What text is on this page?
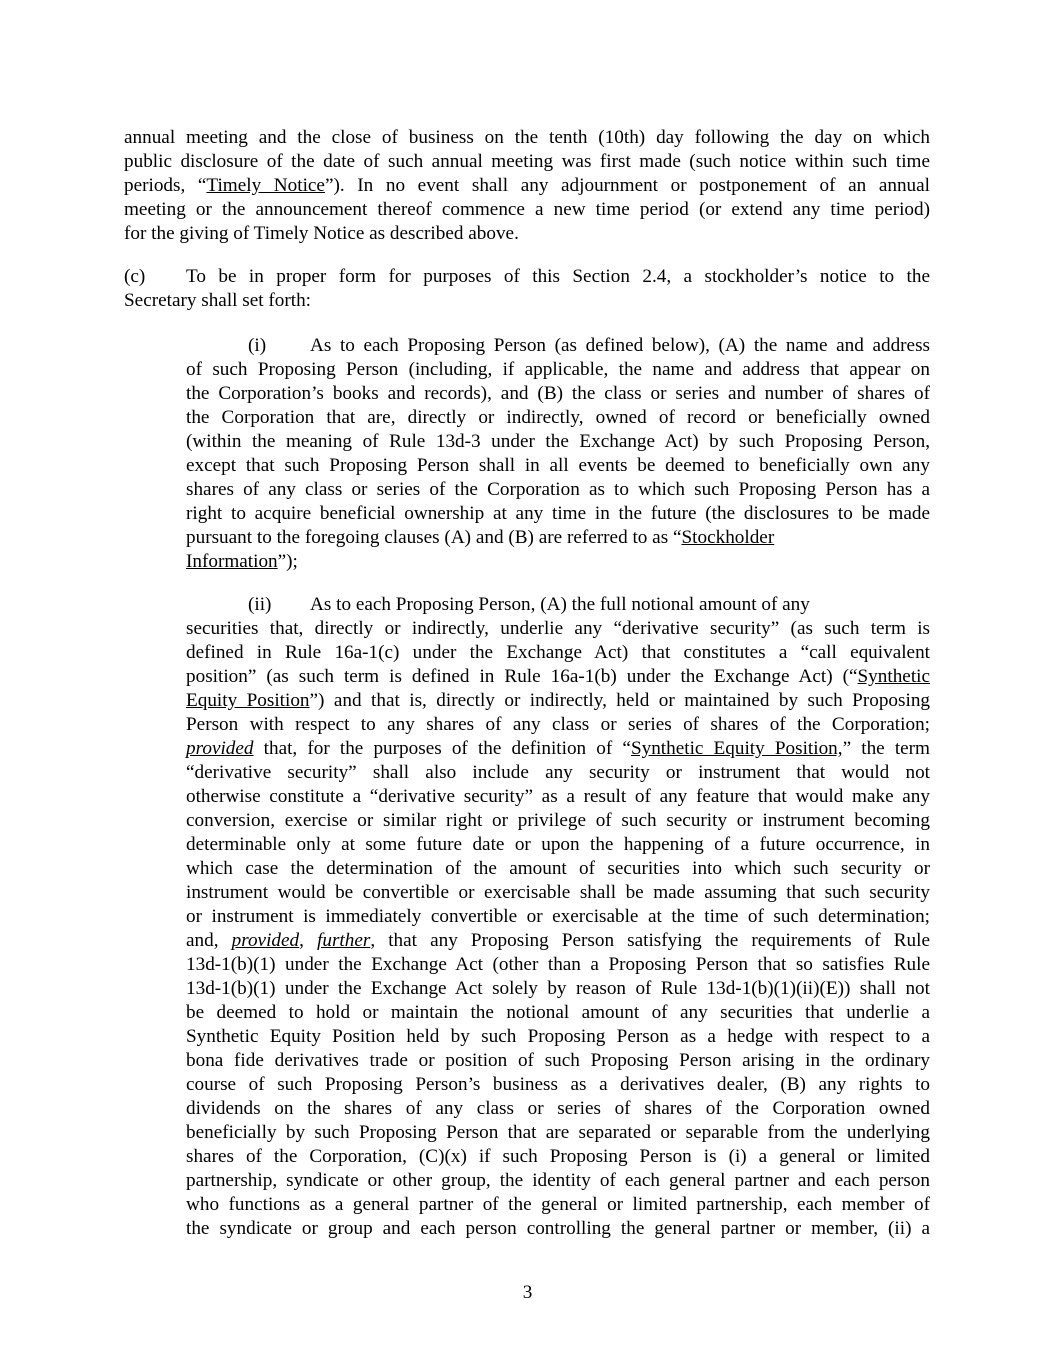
annual meeting and the close of business on the tenth (10th) day following the day on which
public disclosure of the date of such annual meeting was first made (such notice within such time
periods, “Timely Notice”). In no event shall any adjournment or postponement of an annual
meeting or the announcement thereof commence a new time period (or extend any time period)
for the giving of Timely Notice as described above.
(c) To be in proper form for purposes of this Section 2.4, a stockholder’s notice to the
Secretary shall set forth:
(i) As to each Proposing Person (as defined below), (A) the name and address
of such Proposing Person (including, if applicable, the name and address that appear on
the Corporation’s books and records), and (B) the class or series and number of shares of
the Corporation that are, directly or indirectly, owned of record or beneficially owned
(within the meaning of Rule 13d-3 under the Exchange Act) by such Proposing Person,
except that such Proposing Person shall in all events be deemed to beneficially own any
shares of any class or series of the Corporation as to which such Proposing Person has a
right to acquire beneficial ownership at any time in the future (the disclosures to be made
pursuant to the foregoing clauses (A) and (B) are referred to as “Stockholder
Information”);
(ii) As to each Proposing Person, (A) the full notional amount of any
securities that, directly or indirectly, underlie any “derivative security” (as such term is
defined in Rule 16a-1(c) under the Exchange Act) that constitutes a “call equivalent
position” (as such term is defined in Rule 16a-1(b) under the Exchange Act) (“Synthetic
Equity Position”) and that is, directly or indirectly, held or maintained by such Proposing
Person with respect to any shares of any class or series of shares of the Corporation;
provided that, for the purposes of the definition of “Synthetic Equity Position,” the term
“derivative security” shall also include any security or instrument that would not
otherwise constitute a “derivative security” as a result of any feature that would make any
conversion, exercise or similar right or privilege of such security or instrument becoming
determinable only at some future date or upon the happening of a future occurrence, in
which case the determination of the amount of securities into which such security or
instrument would be convertible or exercisable shall be made assuming that such security
or instrument is immediately convertible or exercisable at the time of such determination;
and, provided, further, that any Proposing Person satisfying the requirements of Rule
13d-1(b)(1) under the Exchange Act (other than a Proposing Person that so satisfies Rule
13d-1(b)(1) under the Exchange Act solely by reason of Rule 13d-1(b)(1)(ii)(E)) shall not
be deemed to hold or maintain the notional amount of any securities that underlie a
Synthetic Equity Position held by such Proposing Person as a hedge with respect to a
bona fide derivatives trade or position of such Proposing Person arising in the ordinary
course of such Proposing Person’s business as a derivatives dealer, (B) any rights to
dividends on the shares of any class or series of shares of the Corporation owned
beneficially by such Proposing Person that are separated or separable from the underlying
shares of the Corporation, (C)(x) if such Proposing Person is (i) a general or limited
partnership, syndicate or other group, the identity of each general partner and each person
who functions as a general partner of the general or limited partnership, each member of
the syndicate or group and each person controlling the general partner or member, (ii) a
3
